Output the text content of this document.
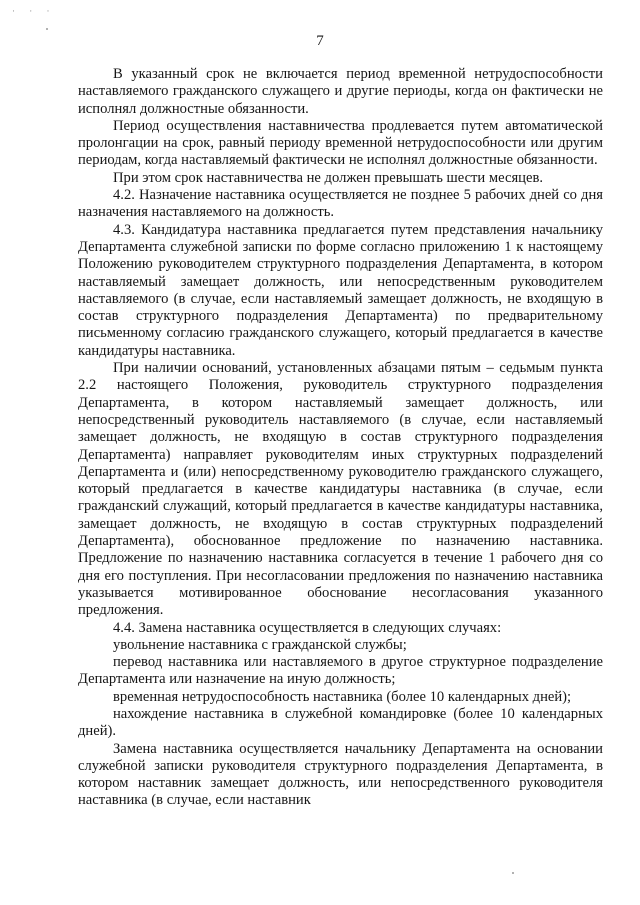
· · ·
7

В указанный срок не включается период временной нетрудоспособности наставляемого гражданского служащего и другие периоды, когда он фактически не исполнял должностные обязанности.

Период осуществления наставничества продлевается путем автоматической пролонгации на срок, равный периоду временной нетрудоспособности или другим периодам, когда наставляемый фактически не исполнял должностные обязанности.

При этом срок наставничества не должен превышать шести месяцев.

4.2. Назначение наставника осуществляется не позднее 5 рабочих дней со дня назначения наставляемого на должность.

4.3. Кандидатура наставника предлагается путем представления начальнику Департамента служебной записки по форме согласно приложению 1 к настоящему Положению руководителем структурного подразделения Департамента, в котором наставляемый замещает должность, или непосредственным руководителем наставляемого (в случае, если наставляемый замещает должность, не входящую в состав структурного подразделения Департамента) по предварительному письменному согласию гражданского служащего, который предлагается в качестве кандидатуры наставника.

При наличии оснований, установленных абзацами пятым – седьмым пункта 2.2 настоящего Положения, руководитель структурного подразделения Департамента, в котором наставляемый замещает должность, или непосредственный руководитель наставляемого (в случае, если наставляемый замещает должность, не входящую в состав структурного подразделения Департамента) направляет руководителям иных структурных подразделений Департамента и (или) непосредственному руководителю гражданского служащего, который предлагается в качестве кандидатуры наставника (в случае, если гражданский служащий, который предлагается в качестве кандидатуры наставника, замещает должность, не входящую в состав структурных подразделений Департамента), обоснованное предложение по назначению наставника. Предложение по назначению наставника согласуется в течение 1 рабочего дня со дня его поступления. При несогласовании предложения по назначению наставника указывается мотивированное обоснование несогласования указанного предложения.

4.4. Замена наставника осуществляется в следующих случаях:

увольнение наставника с гражданской службы;

перевод наставника или наставляемого в другое структурное подразделение Департамента или назначение на иную должность;

временная нетрудоспособность наставника (более 10 календарных дней);

нахождение наставника в служебной командировке (более 10 календарных дней).

Замена наставника осуществляется начальнику Департамента на основании служебной записки руководителя структурного подразделения Департамента, в котором наставник замещает должность, или непосредственного руководителя наставника (в случае, если наставник
